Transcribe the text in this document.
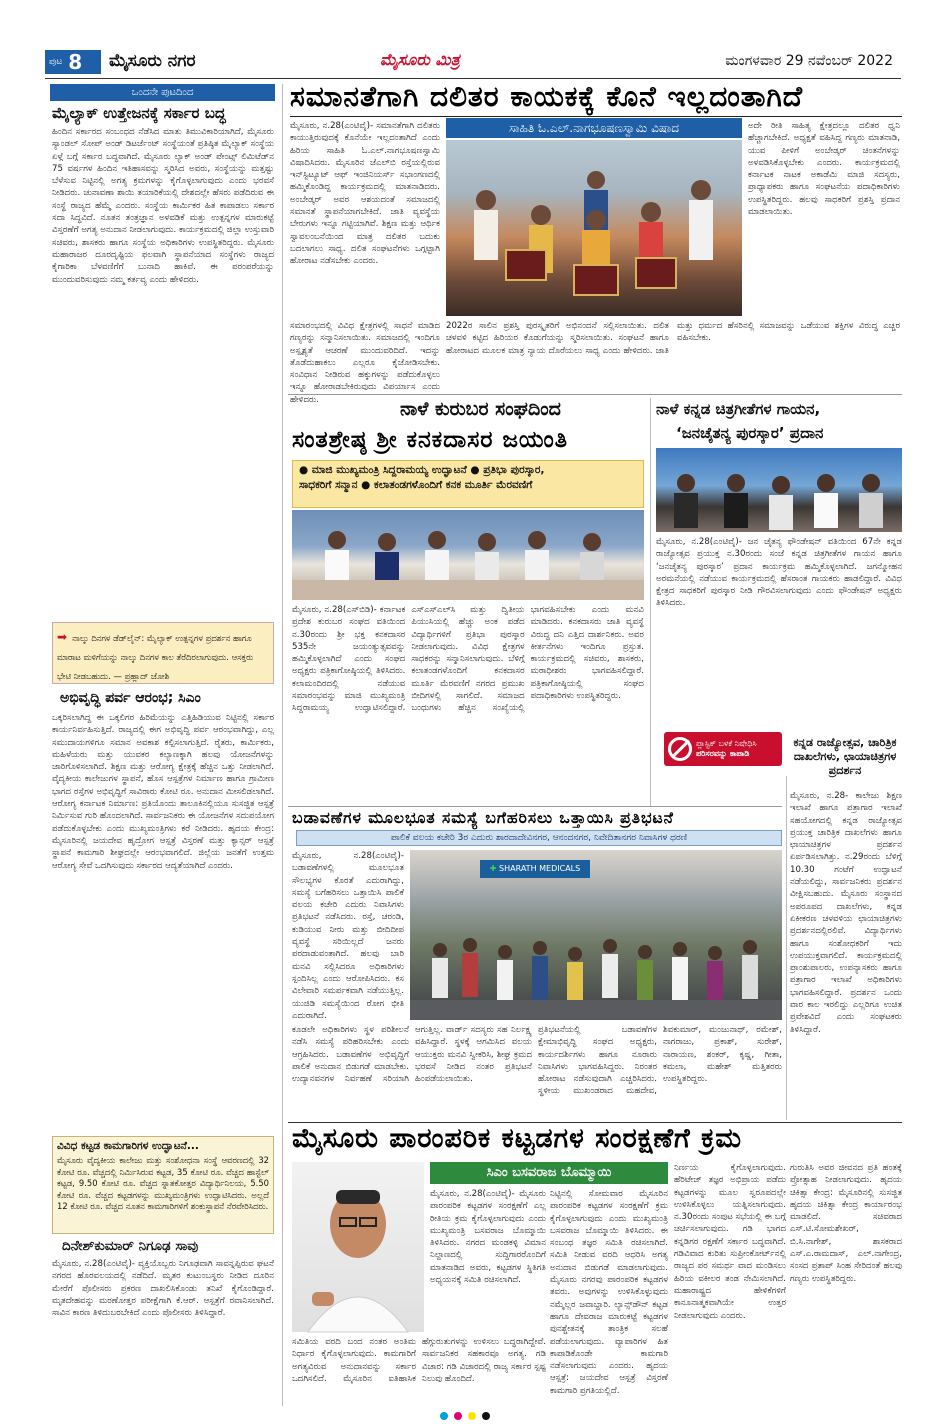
ಪುಟ 8 ಮೈಸೂರು ನಗರ	ಮೈಸೂರು ಮಿತ್ರ	ಮಂಗಳವಾರ 29 ನವೆಂಬರ್ 2022
ಒಂದನೇ ಪುಟದಿಂದ
ಮೈಲ್ಯಾಕ್ ಉತ್ತೇಜನಕ್ಕೆ ಸರ್ಕಾರ ಬದ್ಧ
ಹಿಂದಿನ ಸರ್ಕಾರದ ಸಂಬಂಧದ ನೆಡೆಸಿದ ಮಾತು ತಿಮುವಿಕಾರಿಯಾಗಿದೆ, ಮೈಸೂರು ಸ್ಯಾಂಡಲ್ ಸೋಪ್ ಅಂಡ್ ಡಿಟರ್ಜೆಂಟ್ ಸಂಸ್ಥೆಯಂತೆ ಪ್ರತಿಷ್ಠಿತ ಮೈಲ್ಯಾಕ್ ಸಂಸ್ಥೆಯ ಏಳ್ಗೆ ಬಗ್ಗೆ ಸರ್ಕಾರ ಬದ್ಧವಾಗಿದೆ. ಮೈಸೂರು ಲ್ಯಾಕ್ ಅಂಡ್ ಪೇಂಟ್ಸ್ ಲಿಮಿಟೆಡ್‌ನ 75 ವರ್ಷಗಳ ಹಿಂದಿನ ಇತಿಹಾಸವನ್ನು ಸ್ಮರಿಸಿದ ಅವರು, ಸಂಸ್ಥೆಯನ್ನು ಮತ್ತಷ್ಟು ಬೆಳೆಸುವ ನಿಟ್ಟಿನಲ್ಲಿ ಅಗತ್ಯ ಕ್ರಮಗಳನ್ನು ಕೈಗೊಳ್ಳಲಾಗುವುದು ಎಂದು ಭರವಸೆ ನೀಡಿದರು. ಚುನಾವಣಾ ಶಾಯಿ ತಯಾರಿಕೆಯಲ್ಲಿ ದೇಶದಲ್ಲೇ ಹೆಸರು ಪಡೆದಿರುವ ಈ ಸಂಸ್ಥೆ ರಾಜ್ಯದ ಹೆಮ್ಮೆ ಎಂದರು. ಸಂಸ್ಥೆಯ ಕಾರ್ಮಿಕರ ಹಿತ ಕಾಪಾಡಲು ಸರ್ಕಾರ ಸದಾ ಸಿದ್ಧವಿದೆ. ನೂತನ ತಂತ್ರಜ್ಞಾನ ಅಳವಡಿಕೆ ಮತ್ತು ಉತ್ಪನ್ನಗಳ ಮಾರುಕಟ್ಟೆ ವಿಸ್ತರಣೆಗೆ ಅಗತ್ಯ ಅನುದಾನ ನೀಡಲಾಗುವುದು. ಕಾರ್ಯಕ್ರಮದಲ್ಲಿ ಜಿಲ್ಲಾ ಉಸ್ತುವಾರಿ ಸಚಿವರು, ಶಾಸಕರು ಹಾಗೂ ಸಂಸ್ಥೆಯ ಅಧಿಕಾರಿಗಳು ಉಪಸ್ಥಿತರಿದ್ದರು. ಮೈಸೂರು ಮಹಾರಾಜರ ದೂರದೃಷ್ಟಿಯ ಫಲವಾಗಿ ಸ್ಥಾಪನೆಯಾದ ಸಂಸ್ಥೆಗಳು ರಾಜ್ಯದ ಕೈಗಾರಿಕಾ ಬೆಳವಣಿಗೆಗೆ ಬುನಾದಿ ಹಾಕಿವೆ. ಈ ಪರಂಪರೆಯನ್ನು ಮುಂದುವರಿಸುವುದು ನಮ್ಮ ಕರ್ತವ್ಯ ಎಂದು ಹೇಳಿದರು.
➡ ನಾಲ್ಕು ದಿನಗಳ ಡೆಡ್‌ಲೈನ್: ಮೈಲ್ಯಾಕ್ ಉತ್ಪನ್ನಗಳ ಪ್ರದರ್ಶನ ಹಾಗೂ ಮಾರಾಟ ಮಳಿಗೆಯನ್ನು ನಾಲ್ಕು ದಿನಗಳ ಕಾಲ ತೆರೆದಿರಲಾಗುವುದು. ಆಸಕ್ತರು ಭೇಟಿ ನೀಡಬಹುದು. — ಪ್ರಹ್ಲಾದ್ ಜೋಶಿ
ಅಭಿವೃದ್ಧಿ ಪರ್ವ ಆರಂಭ; ಸಿಎಂ
ಒಕ್ಕರಿಸಲಾಗಿದ್ದ ಈ ಒಕ್ಕಲಿಗರ ಹಿರಿಮೆಯನ್ನು ಎತ್ತಿಹಿಡಿಯುವ ನಿಟ್ಟಿನಲ್ಲಿ ಸರ್ಕಾರ ಕಾರ್ಯನಿರ್ವಹಿಸುತ್ತಿದೆ. ರಾಜ್ಯದಲ್ಲಿ ಈಗ ಅಭಿವೃದ್ಧಿ ಪರ್ವ ಆರಂಭವಾಗಿದ್ದು, ಎಲ್ಲ ಸಮುದಾಯಗಳಿಗೂ ಸಮಾನ ಅವಕಾಶ ಕಲ್ಪಿಸಲಾಗುತ್ತಿದೆ. ರೈತರು, ಕಾರ್ಮಿಕರು, ಮಹಿಳೆಯರು ಮತ್ತು ಯುವಕರ ಕಲ್ಯಾಣಕ್ಕಾಗಿ ಹಲವು ಯೋಜನೆಗಳನ್ನು ಜಾರಿಗೊಳಿಸಲಾಗಿದೆ. ಶಿಕ್ಷಣ ಮತ್ತು ಆರೋಗ್ಯ ಕ್ಷೇತ್ರಕ್ಕೆ ಹೆಚ್ಚಿನ ಒತ್ತು ನೀಡಲಾಗಿದೆ. ವೈದ್ಯಕೀಯ ಕಾಲೇಜುಗಳ ಸ್ಥಾಪನೆ, ಹೊಸ ಆಸ್ಪತ್ರೆಗಳ ನಿರ್ಮಾಣ ಹಾಗೂ ಗ್ರಾಮೀಣ ಭಾಗದ ರಸ್ತೆಗಳ ಅಭಿವೃದ್ಧಿಗೆ ಸಾವಿರಾರು ಕೋಟಿ ರೂ. ಅನುದಾನ ಮೀಸಲಿಡಲಾಗಿದೆ. ಆರೋಗ್ಯ ಕರ್ನಾಟಕ ನಿರ್ಮಾಣ: ಪ್ರತಿಯೊಂದು ತಾಲೂಕಿನಲ್ಲಿಯೂ ಸುಸಜ್ಜಿತ ಆಸ್ಪತ್ರೆ ನಿರ್ಮಿಸುವ ಗುರಿ ಹೊಂದಲಾಗಿದೆ. ಸಾರ್ವಜನಿಕರು ಈ ಯೋಜನೆಗಳ ಸದುಪಯೋಗ ಪಡೆದುಕೊಳ್ಳಬೇಕು ಎಂದು ಮುಖ್ಯಮಂತ್ರಿಗಳು ಕರೆ ನೀಡಿದರು. ಹೃದಯ ಕೇಂದ್ರ: ಮೈಸೂರಿನಲ್ಲಿ ಜಯದೇವ ಹೃದ್ರೋಗ ಆಸ್ಪತ್ರೆ ವಿಸ್ತರಣೆ ಮತ್ತು ಕ್ಯಾನ್ಸರ್ ಆಸ್ಪತ್ರೆ ಸ್ಥಾಪನೆ ಕಾಮಗಾರಿ ಶೀಘ್ರದಲ್ಲೇ ಆರಂಭವಾಗಲಿದೆ. ಜಿಲ್ಲೆಯ ಜನತೆಗೆ ಉತ್ತಮ ಆರೋಗ್ಯ ಸೇವೆ ಒದಗಿಸುವುದು ಸರ್ಕಾರದ ಆದ್ಯತೆಯಾಗಿದೆ ಎಂದರು.
ವಿವಿಧ ಕಟ್ಟಡ ಕಾಮಗಾರಿಗಳ ಉದ್ಘಾಟನೆ...
ಮೈಸೂರು ವೈದ್ಯಕೀಯ ಕಾಲೇಜು ಮತ್ತು ಸಂಶೋಧನಾ ಸಂಸ್ಥೆ ಆವರಣದಲ್ಲಿ 32 ಕೋಟಿ ರೂ. ವೆಚ್ಚದಲ್ಲಿ ನಿರ್ಮಿಸಿರುವ ಕಟ್ಟಡ, 35 ಕೋಟಿ ರೂ. ವೆಚ್ಚದ ಹಾಸ್ಟೆಲ್ ಕಟ್ಟಡ, 9.50 ಕೋಟಿ ರೂ. ವೆಚ್ಚದ ಸ್ನಾತಕೋತ್ತರ ವಿದ್ಯಾರ್ಥಿನಿಲಯ, 5.50 ಕೋಟಿ ರೂ. ವೆಚ್ಚದ ಕಟ್ಟಡಗಳನ್ನು ಮುಖ್ಯಮಂತ್ರಿಗಳು ಉದ್ಘಾಟಿಸಿದರು. ಅಲ್ಲದೆ 12 ಕೋಟಿ ರೂ. ವೆಚ್ಚದ ನೂತನ ಕಾಮಗಾರಿಗಳಿಗೆ ಶಂಕುಸ್ಥಾಪನೆ ನೆರವೇರಿಸಿದರು.
ದಿನೇಶ್‌ಕುಮಾರ್ ನಿಗೂಢ ಸಾವು
ಮೈಸೂರು, ನ.28(ಎಂಟಿವೈ)- ವ್ಯಕ್ತಿಯೊಬ್ಬರು ನಿಗೂಢವಾಗಿ ಸಾವನ್ನಪ್ಪಿರುವ ಘಟನೆ ನಗರದ ಹೊರವಲಯದಲ್ಲಿ ನಡೆದಿದೆ. ಮೃತರ ಕುಟುಂಬಸ್ಥರು ನೀಡಿದ ದೂರಿನ ಮೇರೆಗೆ ಪೊಲೀಸರು ಪ್ರಕರಣ ದಾಖಲಿಸಿಕೊಂಡು ತನಿಖೆ ಕೈಗೊಂಡಿದ್ದಾರೆ. ಮೃತದೇಹವನ್ನು ಮರಣೋತ್ತರ ಪರೀಕ್ಷೆಗಾಗಿ ಕೆ.ಆರ್. ಆಸ್ಪತ್ರೆಗೆ ರವಾನಿಸಲಾಗಿದೆ. ಸಾವಿನ ಕಾರಣ ತಿಳಿದುಬರಬೇಕಿದೆ ಎಂದು ಪೊಲೀಸರು ತಿಳಿಸಿದ್ದಾರೆ.
ಸಮಾನತೆಗಾಗಿ ದಲಿತರ ಕಾಯಕಕ್ಕೆ ಕೊನೆ ಇಲ್ಲದಂತಾಗಿದೆ
ಮೈಸೂರು, ನ.28(ಎಂಟಿವೈ)- ಸಮಾನತೆಗಾಗಿ ದಲಿತರು ಕಾಯುತ್ತಿರುವುದಕ್ಕೆ ಕೊನೆಯೇ ಇಲ್ಲದಂತಾಗಿದೆ ಎಂದು ಹಿರಿಯ ಸಾಹಿತಿ ಓ.ಎಲ್.ನಾಗಭೂಷಣಸ್ವಾಮಿ ವಿಷಾದಿಸಿದರು. ಮೈಸೂರಿನ ಜೆಎಲ್‌ಬಿ ರಸ್ತೆಯಲ್ಲಿರುವ ಇನ್‌ಸ್ಟಿಟ್ಯೂಟ್ ಆಫ್ ಇಂಜಿನಿಯರ್ಸ್ ಸಭಾಂಗಣದಲ್ಲಿ ಹಮ್ಮಿಕೊಂಡಿದ್ದ ಕಾರ್ಯಕ್ರಮದಲ್ಲಿ ಮಾತನಾಡಿದರು. ಅಂಬೇಡ್ಕರ್ ಅವರ ಆಶಯದಂತೆ ಸಮಾಜದಲ್ಲಿ ಸಮಾನತೆ ಸ್ಥಾಪನೆಯಾಗಬೇಕಿದೆ. ಜಾತಿ ವ್ಯವಸ್ಥೆಯ ಬೇರುಗಳು ಇನ್ನೂ ಗಟ್ಟಿಯಾಗಿವೆ. ಶಿಕ್ಷಣ ಮತ್ತು ಆರ್ಥಿಕ ಸ್ವಾವಲಂಬನೆಯಿಂದ ಮಾತ್ರ ದಲಿತರ ಬದುಕು ಬದಲಾಗಲು ಸಾಧ್ಯ. ದಲಿತ ಸಂಘಟನೆಗಳು ಒಗ್ಗಟ್ಟಾಗಿ ಹೋರಾಟ ನಡೆಸಬೇಕು ಎಂದರು.
ಸಾಹಿತಿ ಓ.ಎಲ್.ನಾಗಭೂಷಣಸ್ವಾಮಿ ವಿಷಾದ	ಅದೇ ರೀತಿ ಸಾಹಿತ್ಯ ಕ್ಷೇತ್ರದಲ್ಲೂ ದಲಿತರ ಧ್ವನಿ ಹೆಚ್ಚಾಗಬೇಕಿದೆ. ಅಧ್ಯಕ್ಷತೆ ವಹಿಸಿದ್ದ ಗಣ್ಯರು ಮಾತನಾಡಿ, ಯುವ ಪೀಳಿಗೆ ಅಂಬೇಡ್ಕರ್ ಚಿಂತನೆಗಳನ್ನು ಅಳವಡಿಸಿಕೊಳ್ಳಬೇಕು ಎಂದರು. ಕಾರ್ಯಕ್ರಮದಲ್ಲಿ ಕರ್ನಾಟಕ ನಾಟಕ ಅಕಾಡೆಮಿ ಮಾಜಿ ಸದಸ್ಯರು, ಪ್ರಾಧ್ಯಾಪಕರು ಹಾಗೂ ಸಂಘಟನೆಯ ಪದಾಧಿಕಾರಿಗಳು ಉಪಸ್ಥಿತರಿದ್ದರು. ಹಲವು ಸಾಧಕರಿಗೆ ಪ್ರಶಸ್ತಿ ಪ್ರದಾನ ಮಾಡಲಾಯಿತು.
ಸಮಾರಂಭದಲ್ಲಿ ವಿವಿಧ ಕ್ಷೇತ್ರಗಳಲ್ಲಿ ಸಾಧನೆ ಮಾಡಿದ ಗಣ್ಯರನ್ನು ಸನ್ಮಾನಿಸಲಾಯಿತು. ಸಮಾಜದಲ್ಲಿ ಇಂದಿಗೂ ಅಸ್ಪೃಶ್ಯತೆ ಆಚರಣೆ ಮುಂದುವರಿದಿದೆ. ಇದನ್ನು ತೊಡೆದುಹಾಕಲು ಎಲ್ಲರೂ ಕೈಜೋಡಿಸಬೇಕು. ಸಂವಿಧಾನ ನೀಡಿರುವ ಹಕ್ಕುಗಳನ್ನು ಪಡೆದುಕೊಳ್ಳಲು ಇನ್ನೂ ಹೋರಾಡಬೇಕಿರುವುದು ವಿಪರ್ಯಾಸ ಎಂದು ಹೇಳಿದರು.
2022ರ ಸಾಲಿನ ಪ್ರಶಸ್ತಿ ಪುರಸ್ಕೃತರಿಗೆ ಅಭಿನಂದನೆ ಸಲ್ಲಿಸಲಾಯಿತು. ದಲಿತ ಚಳವಳಿ ಕಟ್ಟಿದ ಹಿರಿಯರ ಕೊಡುಗೆಯನ್ನು ಸ್ಮರಿಸಲಾಯಿತು. ಸಂಘಟನೆ ಹಾಗೂ ಹೋರಾಟದ ಮೂಲಕ ಮಾತ್ರ ನ್ಯಾಯ ದೊರೆಯಲು ಸಾಧ್ಯ ಎಂದು ಹೇಳಿದರು. ಜಾತಿ ಮತ್ತು ಧರ್ಮದ ಹೆಸರಿನಲ್ಲಿ ಸಮಾಜವನ್ನು ಒಡೆಯುವ ಶಕ್ತಿಗಳ ವಿರುದ್ಧ ಎಚ್ಚರ ವಹಿಸಬೇಕು.
ನಾಳೆ ಕುರುಬರ ಸಂಘದಿಂದ
ಸಂತಶ್ರೇಷ್ಠ ಶ್ರೀ ಕನಕದಾಸರ ಜಯಂತಿ
● ಮಾಜಿ ಮುಖ್ಯಮಂತ್ರಿ ಸಿದ್ದರಾಮಯ್ಯ ಉದ್ಘಾಟನೆ ● ಪ್ರತಿಭಾ ಪುರಸ್ಕಾರ,
ಸಾಧಕರಿಗೆ ಸನ್ಮಾನ ● ಕಲಾತಂಡಗಳೊಂದಿಗೆ ಕನಕ ಮೂರ್ತಿ ಮೆರವಣಿಗೆ
ಮೈಸೂರು, ನ.28(ಎಸ್‌ಬಿಡಿ)- ಕರ್ನಾಟಕ ಪ್ರದೇಶ ಕುರುಬರ ಸಂಘದ ವತಿಯಿಂದ ನ.30ರಂದು ಶ್ರೀ ಭಕ್ತ ಕನಕದಾಸರ 535ನೇ ಜಯಂತ್ಯುತ್ಸವವನ್ನು ಹಮ್ಮಿಕೊಳ್ಳಲಾಗಿದೆ ಎಂದು ಸಂಘದ ಅಧ್ಯಕ್ಷರು ಪತ್ರಿಕಾಗೋಷ್ಠಿಯಲ್ಲಿ ತಿಳಿಸಿದರು. ಕಲಾಮಂದಿರದಲ್ಲಿ ನಡೆಯುವ ಸಮಾರಂಭವನ್ನು ಮಾಜಿ ಮುಖ್ಯಮಂತ್ರಿ ಸಿದ್ದರಾಮಯ್ಯ ಉದ್ಘಾಟಿಸಲಿದ್ದಾರೆ. ಎಸ್‌ಎಸ್‌ಎಲ್‌ಸಿ ಮತ್ತು ದ್ವಿತೀಯ ಪಿಯುಸಿಯಲ್ಲಿ ಹೆಚ್ಚು ಅಂಕ ಪಡೆದ ವಿದ್ಯಾರ್ಥಿಗಳಿಗೆ ಪ್ರತಿಭಾ ಪುರಸ್ಕಾರ ನೀಡಲಾಗುವುದು. ವಿವಿಧ ಕ್ಷೇತ್ರಗಳ ಸಾಧಕರನ್ನು ಸನ್ಮಾನಿಸಲಾಗುವುದು. ಬೆಳಿಗ್ಗೆ ಕಲಾತಂಡಗಳೊಂದಿಗೆ ಕನಕದಾಸರ ಮೂರ್ತಿ ಮೆರವಣಿಗೆ ನಗರದ ಪ್ರಮುಖ ಬೀದಿಗಳಲ್ಲಿ ಸಾಗಲಿದೆ. ಸಮಾಜದ ಬಂಧುಗಳು ಹೆಚ್ಚಿನ ಸಂಖ್ಯೆಯಲ್ಲಿ ಭಾಗವಹಿಸಬೇಕು ಎಂದು ಮನವಿ ಮಾಡಿದರು. ಕನಕದಾಸರು ಜಾತಿ ವ್ಯವಸ್ಥೆ ವಿರುದ್ಧ ದನಿ ಎತ್ತಿದ ದಾರ್ಶನಿಕರು. ಅವರ ಕೀರ್ತನೆಗಳು ಇಂದಿಗೂ ಪ್ರಸ್ತುತ. ಕಾರ್ಯಕ್ರಮದಲ್ಲಿ ಸಚಿವರು, ಶಾಸಕರು, ಮಠಾಧೀಶರು ಭಾಗವಹಿಸಲಿದ್ದಾರೆ. ಪತ್ರಿಕಾಗೋಷ್ಠಿಯಲ್ಲಿ ಸಂಘದ ಪದಾಧಿಕಾರಿಗಳು ಉಪಸ್ಥಿತರಿದ್ದರು.
ನಾಳೆ ಕನ್ನಡ ಚಿತ್ರಗೀತೆಗಳ ಗಾಯನ,
‘ಜನಚೈತನ್ಯ ಪುರಸ್ಕಾರ’ ಪ್ರದಾನ
ಮೈಸೂರು, ನ.28(ಎಂಟಿವೈ)- ಜನ ಚೈತನ್ಯ ಫೌಂಡೇಷನ್ ವತಿಯಿಂದ 67ನೇ ಕನ್ನಡ ರಾಜ್ಯೋತ್ಸವ ಪ್ರಯುಕ್ತ ನ.30ರಂದು ಸಂಜೆ ಕನ್ನಡ ಚಿತ್ರಗೀತೆಗಳ ಗಾಯನ ಹಾಗೂ ‘ಜನಚೈತನ್ಯ ಪುರಸ್ಕಾರ’ ಪ್ರದಾನ ಕಾರ್ಯಕ್ರಮ ಹಮ್ಮಿಕೊಳ್ಳಲಾಗಿದೆ. ಜಗನ್ಮೋಹನ ಅರಮನೆಯಲ್ಲಿ ನಡೆಯುವ ಕಾರ್ಯಕ್ರಮದಲ್ಲಿ ಹೆಸರಾಂತ ಗಾಯಕರು ಹಾಡಲಿದ್ದಾರೆ. ವಿವಿಧ ಕ್ಷೇತ್ರದ ಸಾಧಕರಿಗೆ ಪುರಸ್ಕಾರ ನೀಡಿ ಗೌರವಿಸಲಾಗುವುದು ಎಂದು ಫೌಂಡೇಷನ್ ಅಧ್ಯಕ್ಷರು ತಿಳಿಸಿದರು.
ಪ್ಲಾಸ್ಟಿಕ್ ಬಳಕೆ ನಿಷೇಧಿಸಿ
ಪರಿಸರವನ್ನು ಕಾಪಾಡಿ
ಕನ್ನಡ ರಾಜ್ಯೋತ್ಸವ, ಚಾರಿತ್ರಿಕ ದಾಖಲೆಗಳು, ಛಾಯಾಚಿತ್ರಗಳ ಪ್ರದರ್ಶನ
ಬಡಾವಣೆಗಳ ಮೂಲಭೂತ ಸಮಸ್ಯೆ ಬಗೆಹರಿಸಲು ಒತ್ತಾಯಿಸಿ ಪ್ರತಿಭಟನೆ
ಪಾಲಿಕೆ ವಲಯ ಕಚೇರಿ 3ರ ಎದುರು ಶಾರದಾದೇವಿನಗರ, ಆನಂದನಗರ, ನಿವೇದಿತಾನಗರ ನಿವಾಸಿಗಳ ಧರಣಿ
ಮೈಸೂರು, ನ.28(ಎಂಟಿವೈ)- ಬಡಾವಣೆಗಳಲ್ಲಿ ಮೂಲಭೂತ ಸೌಲಭ್ಯಗಳ ಕೊರತೆ ಎದುರಾಗಿದ್ದು, ಸಮಸ್ಯೆ ಬಗೆಹರಿಸಲು ಒತ್ತಾಯಿಸಿ ಪಾಲಿಕೆ ವಲಯ ಕಚೇರಿ ಎದುರು ನಿವಾಸಿಗಳು ಪ್ರತಿಭಟನೆ ನಡೆಸಿದರು. ರಸ್ತೆ, ಚರಂಡಿ, ಕುಡಿಯುವ ನೀರು ಮತ್ತು ಬೀದಿದೀಪ ವ್ಯವಸ್ಥೆ ಸರಿಯಿಲ್ಲದೆ ಜನರು ಪರದಾಡುವಂತಾಗಿದೆ. ಹಲವು ಬಾರಿ ಮನವಿ ಸಲ್ಲಿಸಿದರೂ ಅಧಿಕಾರಿಗಳು ಸ್ಪಂದಿಸಿಲ್ಲ ಎಂದು ಆರೋಪಿಸಿದರು. ಕಸ ವಿಲೇವಾರಿ ಸಮರ್ಪಕವಾಗಿ ನಡೆಯುತ್ತಿಲ್ಲ. ಯುಜಿಡಿ ಸಮಸ್ಯೆಯಿಂದ ರೋಗ ಭೀತಿ ಎದುರಾಗಿದೆ.
✚ SHARATH MEDICALS
ಕೂಡಲೇ ಅಧಿಕಾರಿಗಳು ಸ್ಥಳ ಪರಿಶೀಲನೆ ನಡೆಸಿ ಸಮಸ್ಯೆ ಪರಿಹರಿಸಬೇಕು ಎಂದು ಆಗ್ರಹಿಸಿದರು. ಬಡಾವಣೆಗಳ ಅಭಿವೃದ್ಧಿಗೆ ಪಾಲಿಕೆ ಅನುದಾನ ಬಿಡುಗಡೆ ಮಾಡಬೇಕು. ಉದ್ಯಾನವನಗಳ ನಿರ್ವಹಣೆ ಸರಿಯಾಗಿ ಆಗುತ್ತಿಲ್ಲ. ವಾರ್ಡ್ ಸದಸ್ಯರು ಸಹ ನಿರ್ಲಕ್ಷ್ಯ ವಹಿಸಿದ್ದಾರೆ. ಸ್ಥಳಕ್ಕೆ ಆಗಮಿಸಿದ ವಲಯ ಆಯುಕ್ತರು ಮನವಿ ಸ್ವೀಕರಿಸಿ, ಶೀಘ್ರ ಕ್ರಮದ ಭರವಸೆ ನೀಡಿದ ನಂತರ ಪ್ರತಿಭಟನೆ ಹಿಂಪಡೆಯಲಾಯಿತು.
ಪ್ರತಿಭಟನೆಯಲ್ಲಿ ಬಡಾವಣೆಗಳ ಕ್ಷೇಮಾಭಿವೃದ್ಧಿ ಸಂಘದ ಅಧ್ಯಕ್ಷರು, ಕಾರ್ಯದರ್ಶಿಗಳು ಹಾಗೂ ನೂರಾರು ನಿವಾಸಿಗಳು ಭಾಗವಹಿಸಿದ್ದರು. ನಿರಂತರ ಹೋರಾಟ ನಡೆಸುವುದಾಗಿ ಎಚ್ಚರಿಸಿದರು. ಸ್ಥಳೀಯ ಮುಖಂಡರಾದ ಮಹದೇವ, ಶಿವಕುಮಾರ್, ಮಂಜುನಾಥ್, ರಮೇಶ್, ನಾಗರಾಜು, ಪ್ರಕಾಶ್, ಸುರೇಶ್, ನಾರಾಯಣ, ಶಂಕರ್, ಕೃಷ್ಣ, ಗೀತಾ, ಕಮಲಾ, ಮಹೇಶ್ ಮತ್ತಿತರರು ಉಪಸ್ಥಿತರಿದ್ದರು.
ಮೈಸೂರು, ನ.28- ಕಾಲೇಜು ಶಿಕ್ಷಣ ಇಲಾಖೆ ಹಾಗೂ ಪತ್ರಾಗಾರ ಇಲಾಖೆ ಸಹಯೋಗದಲ್ಲಿ ಕನ್ನಡ ರಾಜ್ಯೋತ್ಸವ ಪ್ರಯುಕ್ತ ಚಾರಿತ್ರಿಕ ದಾಖಲೆಗಳು ಹಾಗೂ ಛಾಯಾಚಿತ್ರಗಳ ಪ್ರದರ್ಶನ ಏರ್ಪಡಿಸಲಾಗಿತ್ತು. ನ.29ರಂದು ಬೆಳಿಗ್ಗೆ 10.30 ಗಂಟೆಗೆ ಉದ್ಘಾಟನೆ ನಡೆಯಲಿದ್ದು, ಸಾರ್ವಜನಿಕರು ಪ್ರದರ್ಶನ ವೀಕ್ಷಿಸಬಹುದು. ಮೈಸೂರು ಸಂಸ್ಥಾನದ ಅಪರೂಪದ ದಾಖಲೆಗಳು, ಕನ್ನಡ ಏಕೀಕರಣ ಚಳವಳಿಯ ಛಾಯಾಚಿತ್ರಗಳು ಪ್ರದರ್ಶನದಲ್ಲಿರಲಿವೆ. ವಿದ್ಯಾರ್ಥಿಗಳು ಹಾಗೂ ಸಂಶೋಧಕರಿಗೆ ಇದು ಉಪಯುಕ್ತವಾಗಲಿದೆ. ಕಾರ್ಯಕ್ರಮದಲ್ಲಿ ಪ್ರಾಂಶುಪಾಲರು, ಉಪನ್ಯಾಸಕರು ಹಾಗೂ ಪತ್ರಾಗಾರ ಇಲಾಖೆ ಅಧಿಕಾರಿಗಳು ಭಾಗವಹಿಸಲಿದ್ದಾರೆ. ಪ್ರದರ್ಶನ ಒಂದು ವಾರ ಕಾಲ ಇರಲಿದ್ದು ಎಲ್ಲರಿಗೂ ಉಚಿತ ಪ್ರವೇಶವಿದೆ ಎಂದು ಸಂಘಟಕರು ತಿಳಿಸಿದ್ದಾರೆ.
ಮೈಸೂರು ಪಾರಂಪರಿಕ ಕಟ್ಟಡಗಳ ಸಂರಕ್ಷಣೆಗೆ ಕ್ರಮ
ಸಿಎಂ ಬಸವರಾಜ ಬೊಮ್ಮಾಯಿ
ಮೈಸೂರು, ನ.28(ಎಂಟಿವೈ)- ಮೈಸೂರು ಪಾರಂಪರಿಕ ಕಟ್ಟಡಗಳ ಸಂರಕ್ಷಣೆಗೆ ಎಲ್ಲ ರೀತಿಯ ಕ್ರಮ ಕೈಗೊಳ್ಳಲಾಗುವುದು ಎಂದು ಮುಖ್ಯಮಂತ್ರಿ ಬಸವರಾಜ ಬೊಮ್ಮಾಯಿ ತಿಳಿಸಿದರು. ನಗರದ ಮಂಡಕಳ್ಳಿ ವಿಮಾನ ನಿಲ್ದಾಣದಲ್ಲಿ ಸುದ್ದಿಗಾರರೊಂದಿಗೆ ಮಾತನಾಡಿದ ಅವರು, ಕಟ್ಟಡಗಳ ಸ್ಥಿತಿಗತಿ ಅಧ್ಯಯನಕ್ಕೆ ಸಮಿತಿ ರಚಿಸಲಾಗಿದೆ.
ನಿಟ್ಟಿನಲ್ಲಿ ಸೋಮವಾರ ಮೈಸೂರಿನ ಪಾರಂಪರಿಕ ಕಟ್ಟಡಗಳ ಸಂರಕ್ಷಣೆಗೆ ಕ್ರಮ ಕೈಗೊಳ್ಳಲಾಗುವುದು ಎಂದು ಮುಖ್ಯಮಂತ್ರಿ ಬಸವರಾಜ ಬೊಮ್ಮಾಯಿ ತಿಳಿಸಿದರು. ಈ ಸಂಬಂಧ ತಜ್ಞರ ಸಮಿತಿ ರಚಿಸಲಾಗಿದೆ. ಸಮಿತಿ ನೀಡುವ ವರದಿ ಆಧರಿಸಿ ಅಗತ್ಯ ಅನುದಾನ ಬಿಡುಗಡೆ ಮಾಡಲಾಗುವುದು. ಮೈಸೂರು ನಗರವು ಪಾರಂಪರಿಕ ಕಟ್ಟಡಗಳ ತವರು. ಅವುಗಳನ್ನು ಉಳಿಸಿಕೊಳ್ಳುವುದು ನಮ್ಮೆಲ್ಲರ ಜವಾಬ್ದಾರಿ. ಲ್ಯಾನ್ಸ್‌ಡೌನ್ ಕಟ್ಟಡ ಹಾಗೂ ದೇವರಾಜ ಮಾರುಕಟ್ಟೆ ಕಟ್ಟಡಗಳ ಪುನಶ್ಚೇತನಕ್ಕೆ ತಾಂತ್ರಿಕ ಸಲಹೆ ಪಡೆಯಲಾಗುವುದು. ವ್ಯಾಪಾರಿಗಳ ಹಿತ ಕಾಪಾಡಿಕೊಂಡೇ ಕಾಮಗಾರಿ ನಡೆಸಲಾಗುವುದು ಎಂದರು. ಹೃದಯ ಆಸ್ಪತ್ರೆ: ಜಯದೇವ ಆಸ್ಪತ್ರೆ ವಿಸ್ತರಣೆ ಕಾಮಗಾರಿ ಪ್ರಗತಿಯಲ್ಲಿದೆ.
ಸಮಿತಿಯ ವರದಿ ಬಂದ ನಂತರ ಅಂತಿಮ ನಿರ್ಧಾರ ಕೈಗೊಳ್ಳಲಾಗುವುದು. ಕಾಮಗಾರಿಗೆ ಅಗತ್ಯವಿರುವ ಅನುದಾನವನ್ನು ಸರ್ಕಾರ ಒದಗಿಸಲಿದೆ. ಮೈಸೂರಿನ ಐತಿಹಾಸಿಕ ಹೆಗ್ಗುರುತುಗಳನ್ನು ಉಳಿಸಲು ಬದ್ಧರಾಗಿದ್ದೇವೆ. ಸಾರ್ವಜನಿಕರ ಸಹಕಾರವೂ ಅಗತ್ಯ. ಗಡಿ ವಿಚಾರ: ಗಡಿ ವಿಚಾರದಲ್ಲಿ ರಾಜ್ಯ ಸರ್ಕಾರ ಸ್ಪಷ್ಟ ನಿಲುವು ಹೊಂದಿದೆ.
ನಿರ್ಣಯ ಕೈಗೊಳ್ಳಲಾಗುವುದು. ಹೆರಿಟೇಜ್ ತಜ್ಞರ ಅಭಿಪ್ರಾಯ ಪಡೆದು ಕಟ್ಟಡಗಳನ್ನು ಮೂಲ ಸ್ವರೂಪದಲ್ಲೇ ಉಳಿಸಿಕೊಳ್ಳಲು ಯತ್ನಿಸಲಾಗುವುದು. ನ.30ರಂದು ಸಂಪುಟ ಸಭೆಯಲ್ಲಿ ಈ ಬಗ್ಗೆ ಚರ್ಚಿಸಲಾಗುವುದು. ಗಡಿ ಭಾಗದ ಕನ್ನಡಿಗರ ರಕ್ಷಣೆಗೆ ಸರ್ಕಾರ ಬದ್ಧವಾಗಿದೆ. ಗಡಿವಿವಾದ ಕುರಿತು ಸುಪ್ರೀಂಕೋರ್ಟ್‌ನಲ್ಲಿ ರಾಜ್ಯದ ಪರ ಸಮರ್ಥ ವಾದ ಮಂಡಿಸಲು ಹಿರಿಯ ವಕೀಲರ ತಂಡ ನೇಮಿಸಲಾಗಿದೆ. ಮಹಾರಾಷ್ಟ್ರದ ಹೇಳಿಕೆಗಳಿಗೆ ಕಾನೂನಾತ್ಮಕವಾಗಿಯೇ ಉತ್ತರ ನೀಡಲಾಗುವುದು ಎಂದರು.
ಗುರುತಿಸಿ ಅವರ ಜೀವನದ ಪ್ರತಿ ಹಂತಕ್ಕೆ ಪ್ರೋತ್ಸಾಹ ನೀಡಲಾಗುವುದು. ಹೃದಯ ಚಿಕಿತ್ಸಾ ಕೇಂದ್ರ: ಮೈಸೂರಿನಲ್ಲಿ ಸುಸಜ್ಜಿತ ಹೃದಯ ಚಿಕಿತ್ಸಾ ಕೇಂದ್ರ ಕಾರ್ಯಾರಂಭ ಮಾಡಲಿದೆ. ಸಚಿವರಾದ ಎಸ್.ಟಿ.ಸೋಮಶೇಖರ್, ಬಿ.ಸಿ.ನಾಗೇಶ್, ಶಾಸಕರಾದ ಎಸ್.ಎ.ರಾಮದಾಸ್, ಎಲ್.ನಾಗೇಂದ್ರ, ಸಂಸದ ಪ್ರತಾಪ್ ಸಿಂಹ ಸೇರಿದಂತೆ ಹಲವು ಗಣ್ಯರು ಉಪಸ್ಥಿತರಿದ್ದರು.
